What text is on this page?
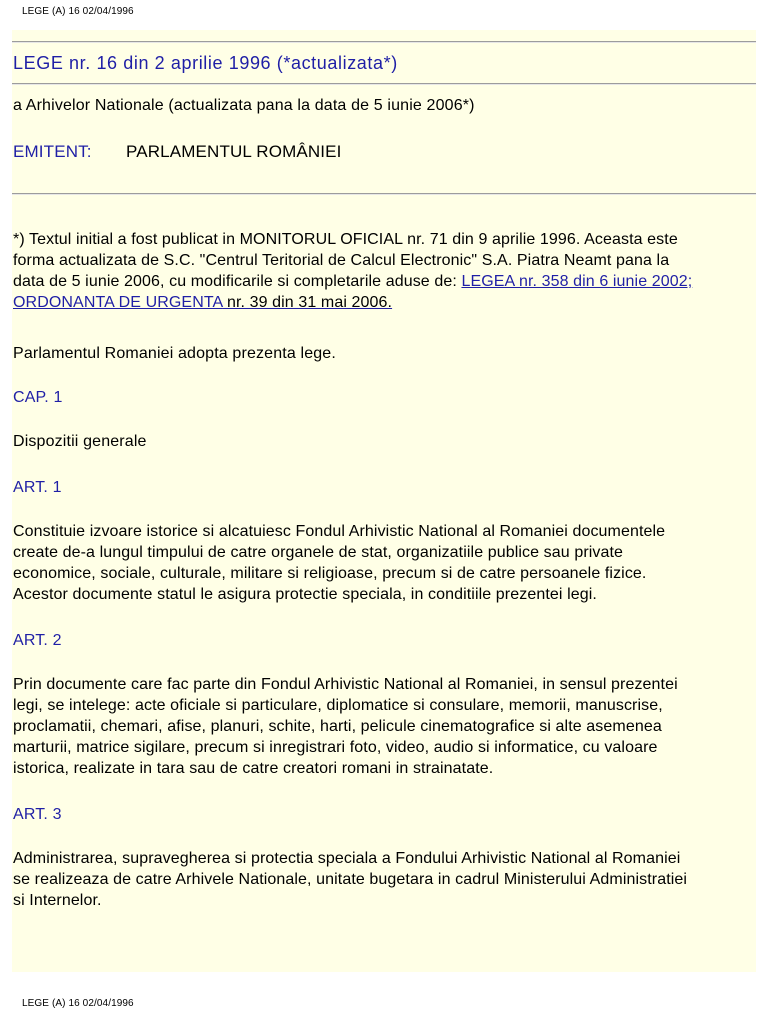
LEGE (A) 16 02/04/1996

LEGE nr. 16 din 2 aprilie 1996 (*actualizata*)

a Arhivelor Nationale (actualizata pana la data de 5 iunie 2006*)

EMITENT: PARLAMENTUL ROMÂNIEI

*) Textul initial a fost publicat in MONITORUL OFICIAL nr. 71 din 9 aprilie 1996. Aceasta este
forma actualizata de S.C. "Centrul Teritorial de Calcul Electronic" S.A. Piatra Neamt pana la
data de 5 iunie 2006, cu modificarile si completarile aduse de: LEGEA nr. 358 din 6 iunie 2002;
ORDONANTA DE URGENTA nr. 39 din 31 mai 2006.

Parlamentul Romaniei adopta prezenta lege.

CAP. 1

Dispozitii generale

ART. 1

Constituie izvoare istorice si alcatuiesc Fondul Arhivistic National al Romaniei documentele
create de-a lungul timpului de catre organele de stat, organizatiile publice sau private
economice, sociale, culturale, militare si religioase, precum si de catre persoanele fizice.
Acestor documente statul le asigura protectie speciala, in conditiile prezentei legi.

ART. 2

Prin documente care fac parte din Fondul Arhivistic National al Romaniei, in sensul prezentei
legi, se intelege: acte oficiale si particulare, diplomatice si consulare, memorii, manuscrise,
proclamatii, chemari, afise, planuri, schite, harti, pelicule cinematografice si alte asemenea
marturii, matrice sigilare, precum si inregistrari foto, video, audio si informatice, cu valoare
istorica, realizate in tara sau de catre creatori romani in strainatate.

ART. 3

Administrarea, supravegherea si protectia speciala a Fondului Arhivistic National al Romaniei
se realizeaza de catre Arhivele Nationale, unitate bugetara in cadrul Ministerului Administratiei
si Internelor.
LEGE (A) 16 02/04/1996
